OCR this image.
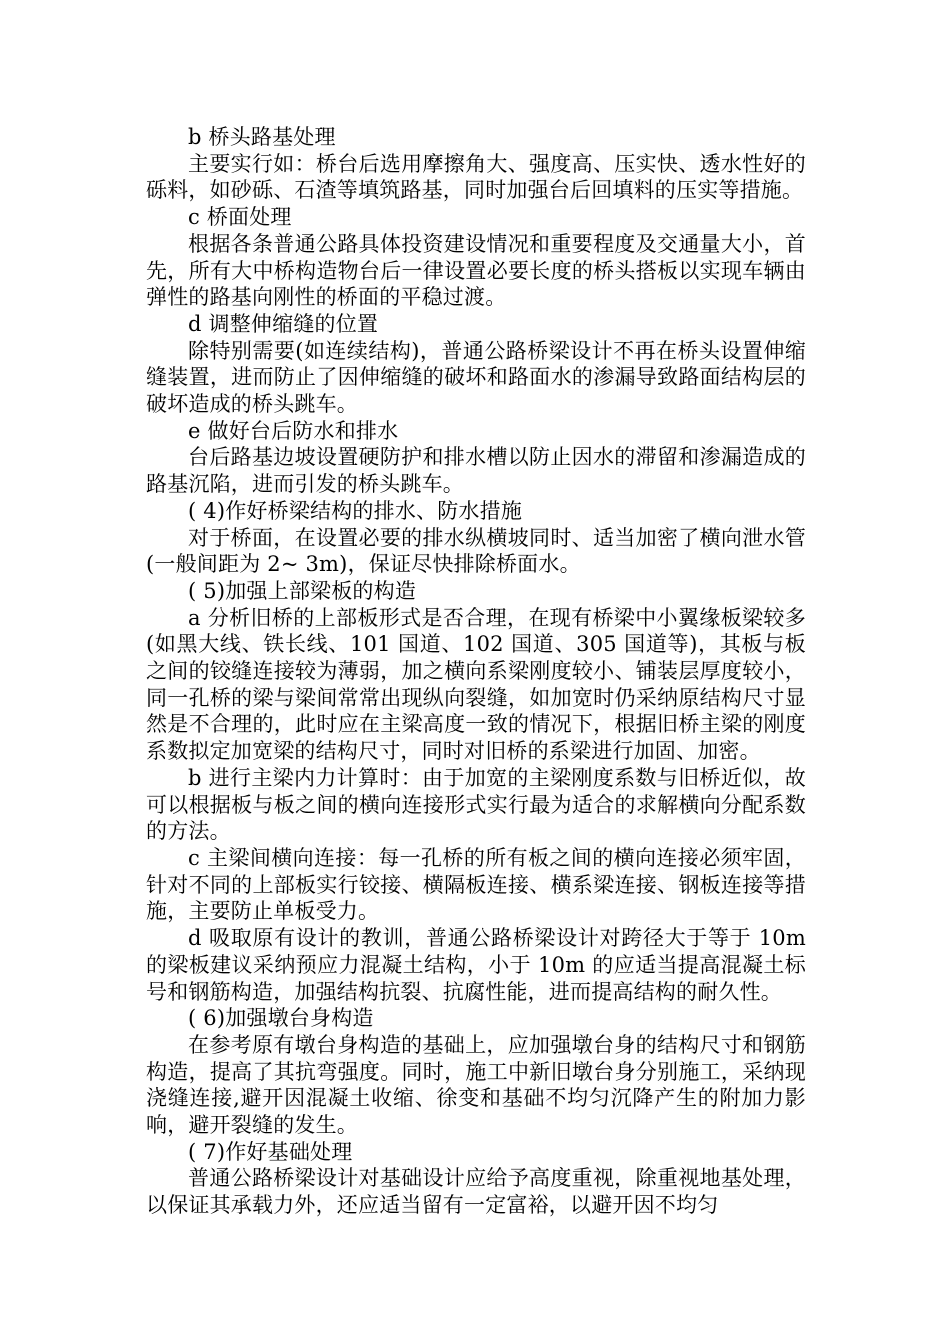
b 桥头路基处理

主要实行如：桥台后选用摩擦角大、强度高、压实快、透水性好的砾料，如砂砾、石渣等填筑路基，同时加强台后回填料的压实等措施。

c 桥面处理

根据各条普通公路具体投资建设情况和重要程度及交通量大小，首先，所有大中桥构造物台后一律设置必要长度的桥头搭板以实现车辆由弹性的路基向刚性的桥面的平稳过渡。

d 调整伸缩缝的位置

除特别需要(如连续结构)，普通公路桥梁设计不再在桥头设置伸缩缝装置，进而防止了因伸缩缝的破坏和路面水的渗漏导致路面结构层的破坏造成的桥头跳车。

e 做好台后防水和排水

台后路基边坡设置硬防护和排水槽以防止因水的滞留和渗漏造成的路基沉陷，进而引发的桥头跳车。

( 4)作好桥梁结构的排水、防水措施

对于桥面，在设置必要的排水纵横坡同时、适当加密了横向泄水管(一般间距为 2~ 3m)，保证尽快排除桥面水。

( 5)加强上部梁板的构造

a 分析旧桥的上部板形式是否合理，在现有桥梁中小翼缘板梁较多(如黑大线、铁长线、101 国道、102 国道、305 国道等)，其板与板之间的铰缝连接较为薄弱，加之横向系梁刚度较小、铺装层厚度较小，同一孔桥的梁与梁间常常出现纵向裂缝，如加宽时仍采纳原结构尺寸显然是不合理的，此时应在主梁高度一致的情况下，根据旧桥主梁的刚度系数拟定加宽梁的结构尺寸，同时对旧桥的系梁进行加固、加密。

b 进行主梁内力计算时：由于加宽的主梁刚度系数与旧桥近似，故可以根据板与板之间的横向连接形式实行最为适合的求解横向分配系数的方法。

c 主梁间横向连接：每一孔桥的所有板之间的横向连接必须牢固，针对不同的上部板实行铰接、横隔板连接、横系梁连接、钢板连接等措施，主要防止单板受力。

d 吸取原有设计的教训，普通公路桥梁设计对跨径大于等于 10m 的梁板建议采纳预应力混凝土结构，小于 10m 的应适当提高混凝土标号和钢筋构造，加强结构抗裂、抗腐性能，进而提高结构的耐久性。

( 6)加强墩台身构造

在参考原有墩台身构造的基础上，应加强墩台身的结构尺寸和钢筋构造，提高了其抗弯强度。同时，施工中新旧墩台身分别施工，采纳现浇缝连接,避开因混凝土收缩、徐变和基础不均匀沉降产生的附加力影响，避开裂缝的发生。

( 7)作好基础处理

普通公路桥梁设计对基础设计应给予高度重视，除重视地基处理，以保证其承载力外，还应适当留有一定富裕，以避开因不均匀
